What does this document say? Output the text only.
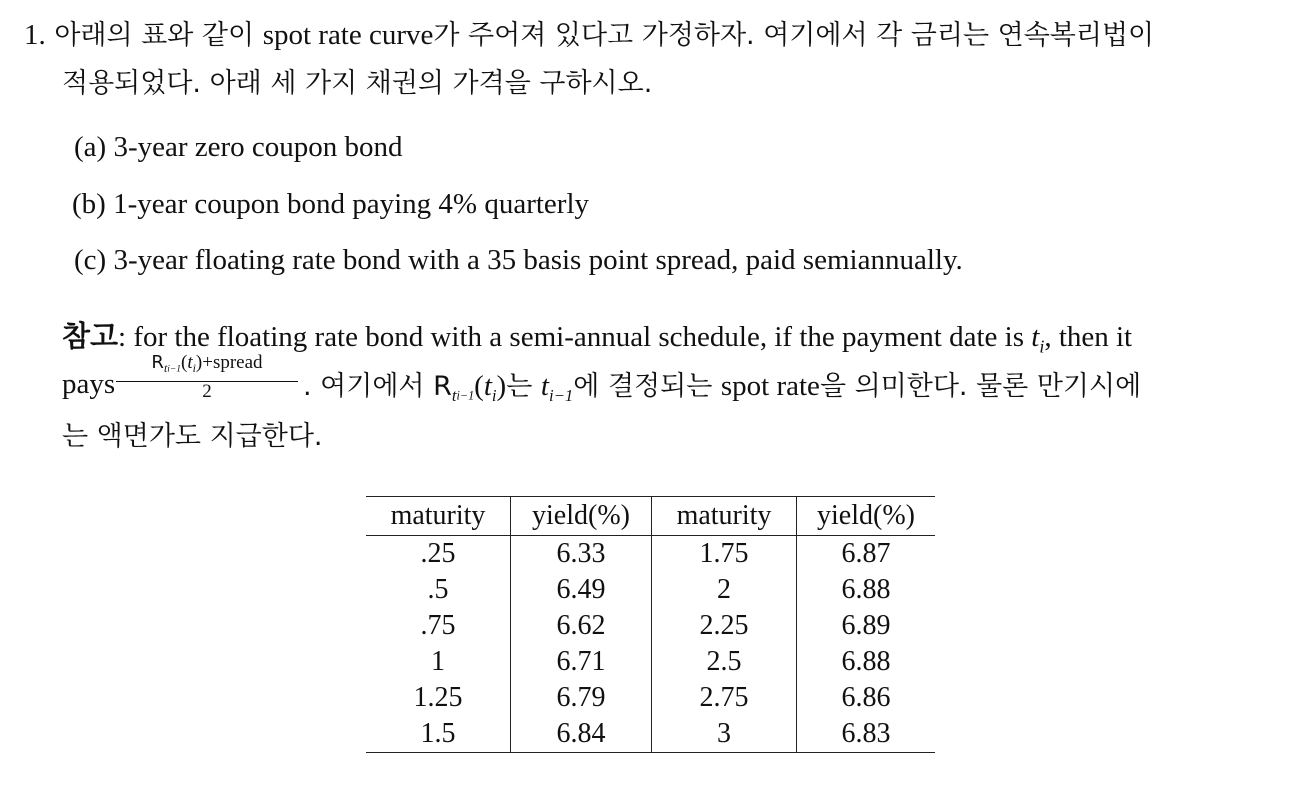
1. 아래의 표와 같이 spot rate curve가 주어져 있다고 가정하자. 여기에서 각 금리는 연속복리법이
적용되었다. 아래 세 가지 채권의 가격을 구하시오.
(a) 3-year zero coupon bond
(b) 1-year coupon bond paying 4% quarterly
(c) 3-year floating rate bond with a 35 basis point spread, paid semiannually.
참고: for the floating rate bond with a semi-annual schedule, if the payment date is $t_i$, then it
pays
$R_{ti-1}(t_i)+spread$
2	. 여기에서 $R_{ti-1}(t_i)$는 $t_{i-1}$에 결정되는 spot rate을 의미한다. 물론 만기시에
는 액면가도 지급한다.
maturity	yield(%)	maturity	yield(%)
.25	6.33	1.75	6.87
.5	6.49	2	6.88
.75	6.62	2.25	6.89
1	6.71	2.5	6.88
1.25	6.79	2.75	6.86
1.5	6.84	3	6.83
